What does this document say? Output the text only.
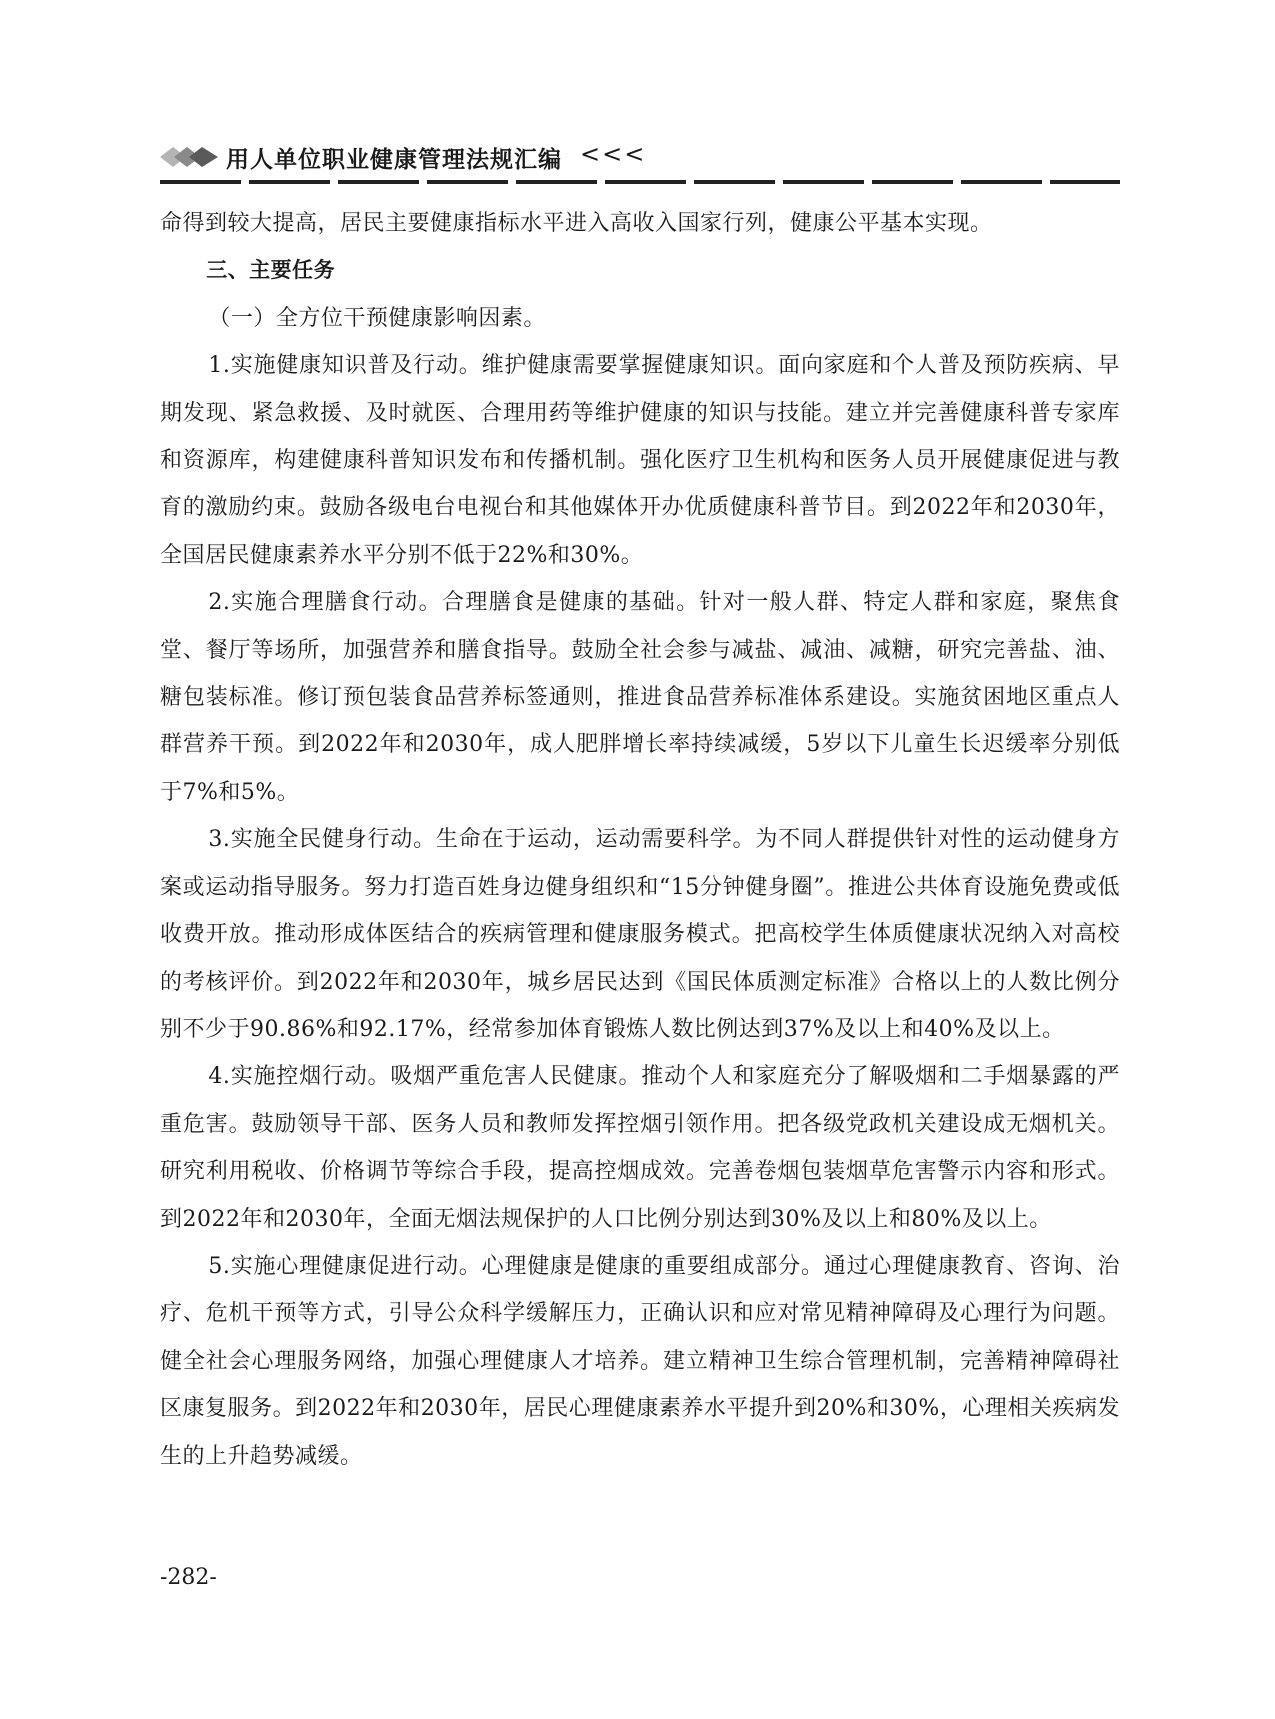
用人单位职业健康管理法规汇编 <<<

命得到较大提高，居民主要健康指标水平进入高收入国家行列，健康公平基本实现。

三、主要任务

（一）全方位干预健康影响因素。

1.实施健康知识普及行动。维护健康需要掌握健康知识。面向家庭和个人普及预防疾病、早期发现、紧急救援、及时就医、合理用药等维护健康的知识与技能。建立并完善健康科普专家库和资源库，构建健康科普知识发布和传播机制。强化医疗卫生机构和医务人员开展健康促进与教育的激励约束。鼓励各级电台电视台和其他媒体开办优质健康科普节目。到2022年和2030年，全国居民健康素养水平分别不低于22%和30%。

2.实施合理膳食行动。合理膳食是健康的基础。针对一般人群、特定人群和家庭，聚焦食堂、餐厅等场所，加强营养和膳食指导。鼓励全社会参与减盐、减油、减糖，研究完善盐、油、糖包装标准。修订预包装食品营养标签通则，推进食品营养标准体系建设。实施贫困地区重点人群营养干预。到2022年和2030年，成人肥胖增长率持续减缓，5岁以下儿童生长迟缓率分别低于7%和5%。

3.实施全民健身行动。生命在于运动，运动需要科学。为不同人群提供针对性的运动健身方案或运动指导服务。努力打造百姓身边健身组织和“15分钟健身圈”。推进公共体育设施免费或低收费开放。推动形成体医结合的疾病管理和健康服务模式。把高校学生体质健康状况纳入对高校的考核评价。到2022年和2030年，城乡居民达到《国民体质测定标准》合格以上的人数比例分别不少于90.86%和92.17%，经常参加体育锻炼人数比例达到37%及以上和40%及以上。

4.实施控烟行动。吸烟严重危害人民健康。推动个人和家庭充分了解吸烟和二手烟暴露的严重危害。鼓励领导干部、医务人员和教师发挥控烟引领作用。把各级党政机关建设成无烟机关。研究利用税收、价格调节等综合手段，提高控烟成效。完善卷烟包装烟草危害警示内容和形式。到2022年和2030年，全面无烟法规保护的人口比例分别达到30%及以上和80%及以上。

5.实施心理健康促进行动。心理健康是健康的重要组成部分。通过心理健康教育、咨询、治疗、危机干预等方式，引导公众科学缓解压力，正确认识和应对常见精神障碍及心理行为问题。健全社会心理服务网络，加强心理健康人才培养。建立精神卫生综合管理机制，完善精神障碍社区康复服务。到2022年和2030年，居民心理健康素养水平提升到20%和30%，心理相关疾病发生的上升趋势减缓。

-282-
